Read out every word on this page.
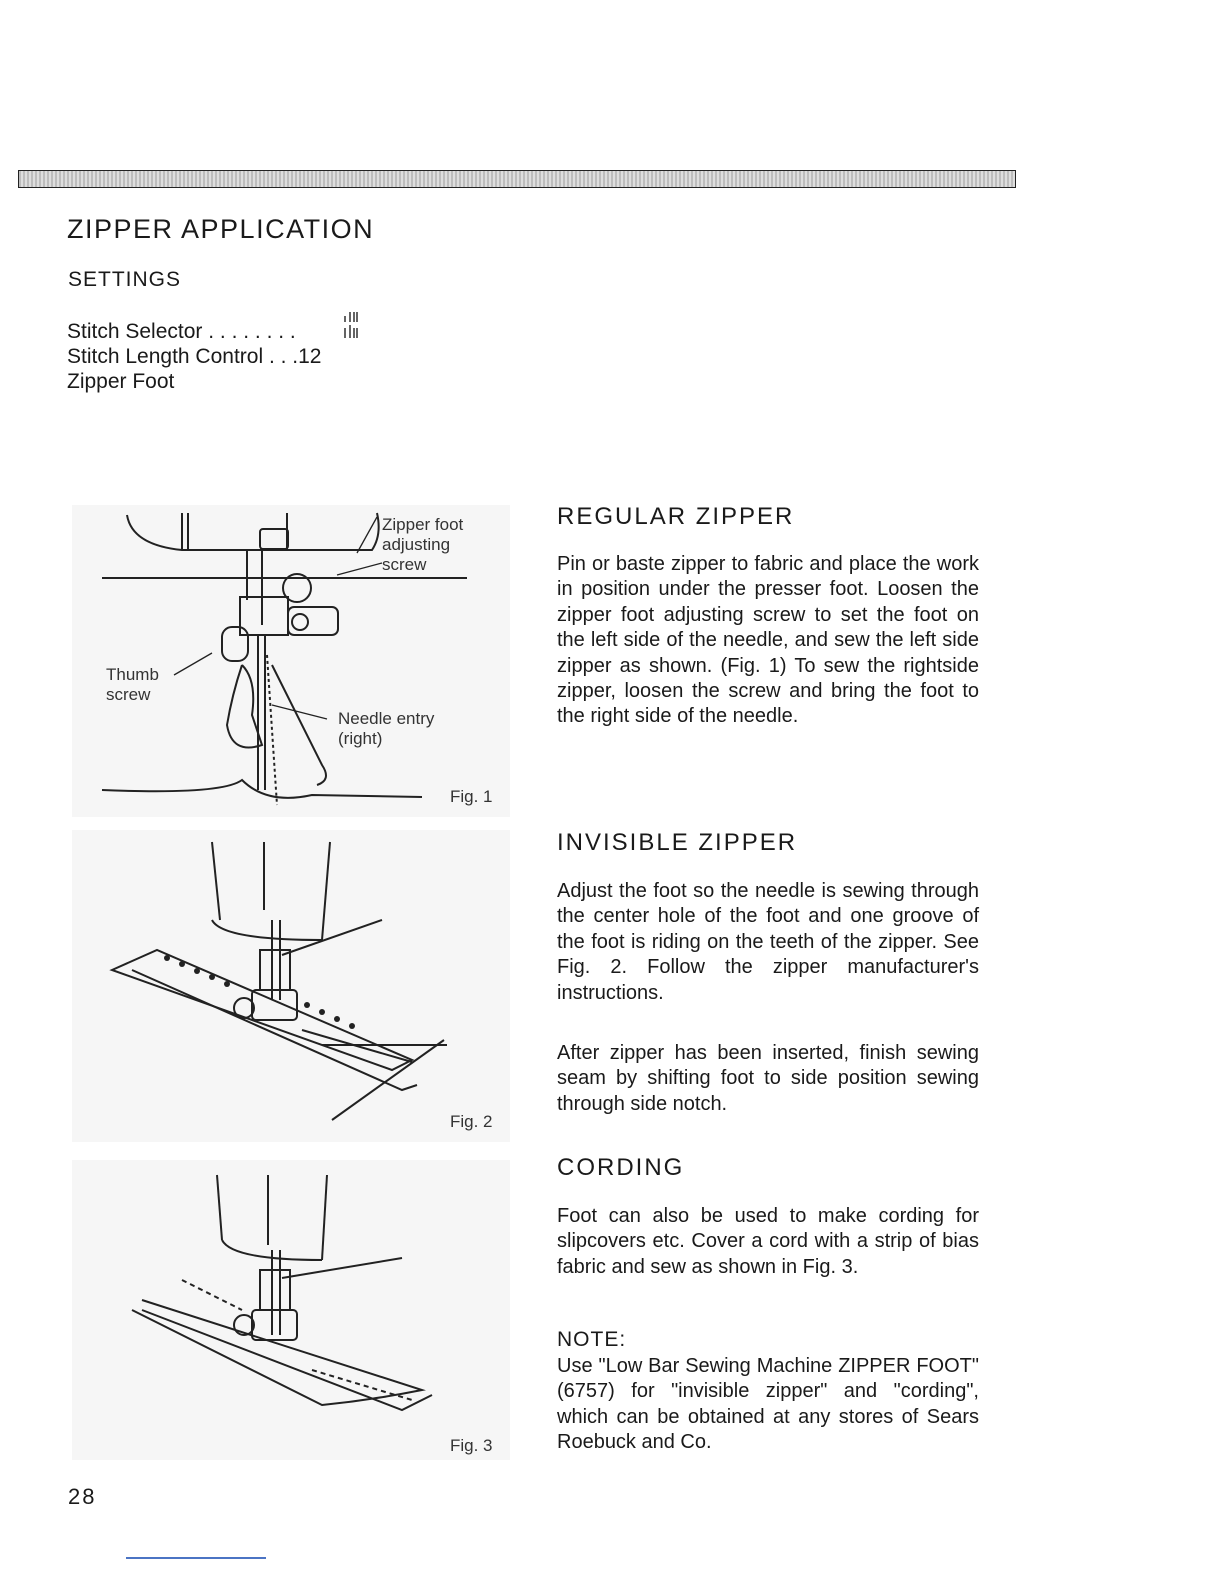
ZIPPER APPLICATION
SETTINGS
Stitch Selector . . . . . . . .
Stitch Length Control . . .12
Zipper Foot
Zipper foot
adjusting
screw
Thumb
screw
Needle entry
(right)
Fig. 1
Fig. 2
Fig. 3
REGULAR ZIPPER

Pin or baste zipper to fabric and place the work in position under the presser foot. Loosen the zipper foot adjusting screw to set the foot on the left side of the needle, and sew the left side zipper as shown. (Fig. 1) To sew the rightside zipper, loosen the screw and bring the foot to the right side of the needle.

INVISIBLE ZIPPER

Adjust the foot so the needle is sewing through the center hole of the foot and one groove of the foot is riding on the teeth of the zipper. See Fig. 2. Follow the zipper manufacturer's instructions.

After zipper has been inserted, finish sewing seam by shifting foot to side position sewing through side notch.

CORDING

Foot can also be used to make cording for slipcovers etc. Cover a cord with a strip of bias fabric and sew as shown in Fig. 3.

NOTE:

Use "Low Bar Sewing Machine ZIPPER FOOT" (6757) for "invisible zipper" and "cording", which can be obtained at any stores of Sears Roebuck and Co.

28
